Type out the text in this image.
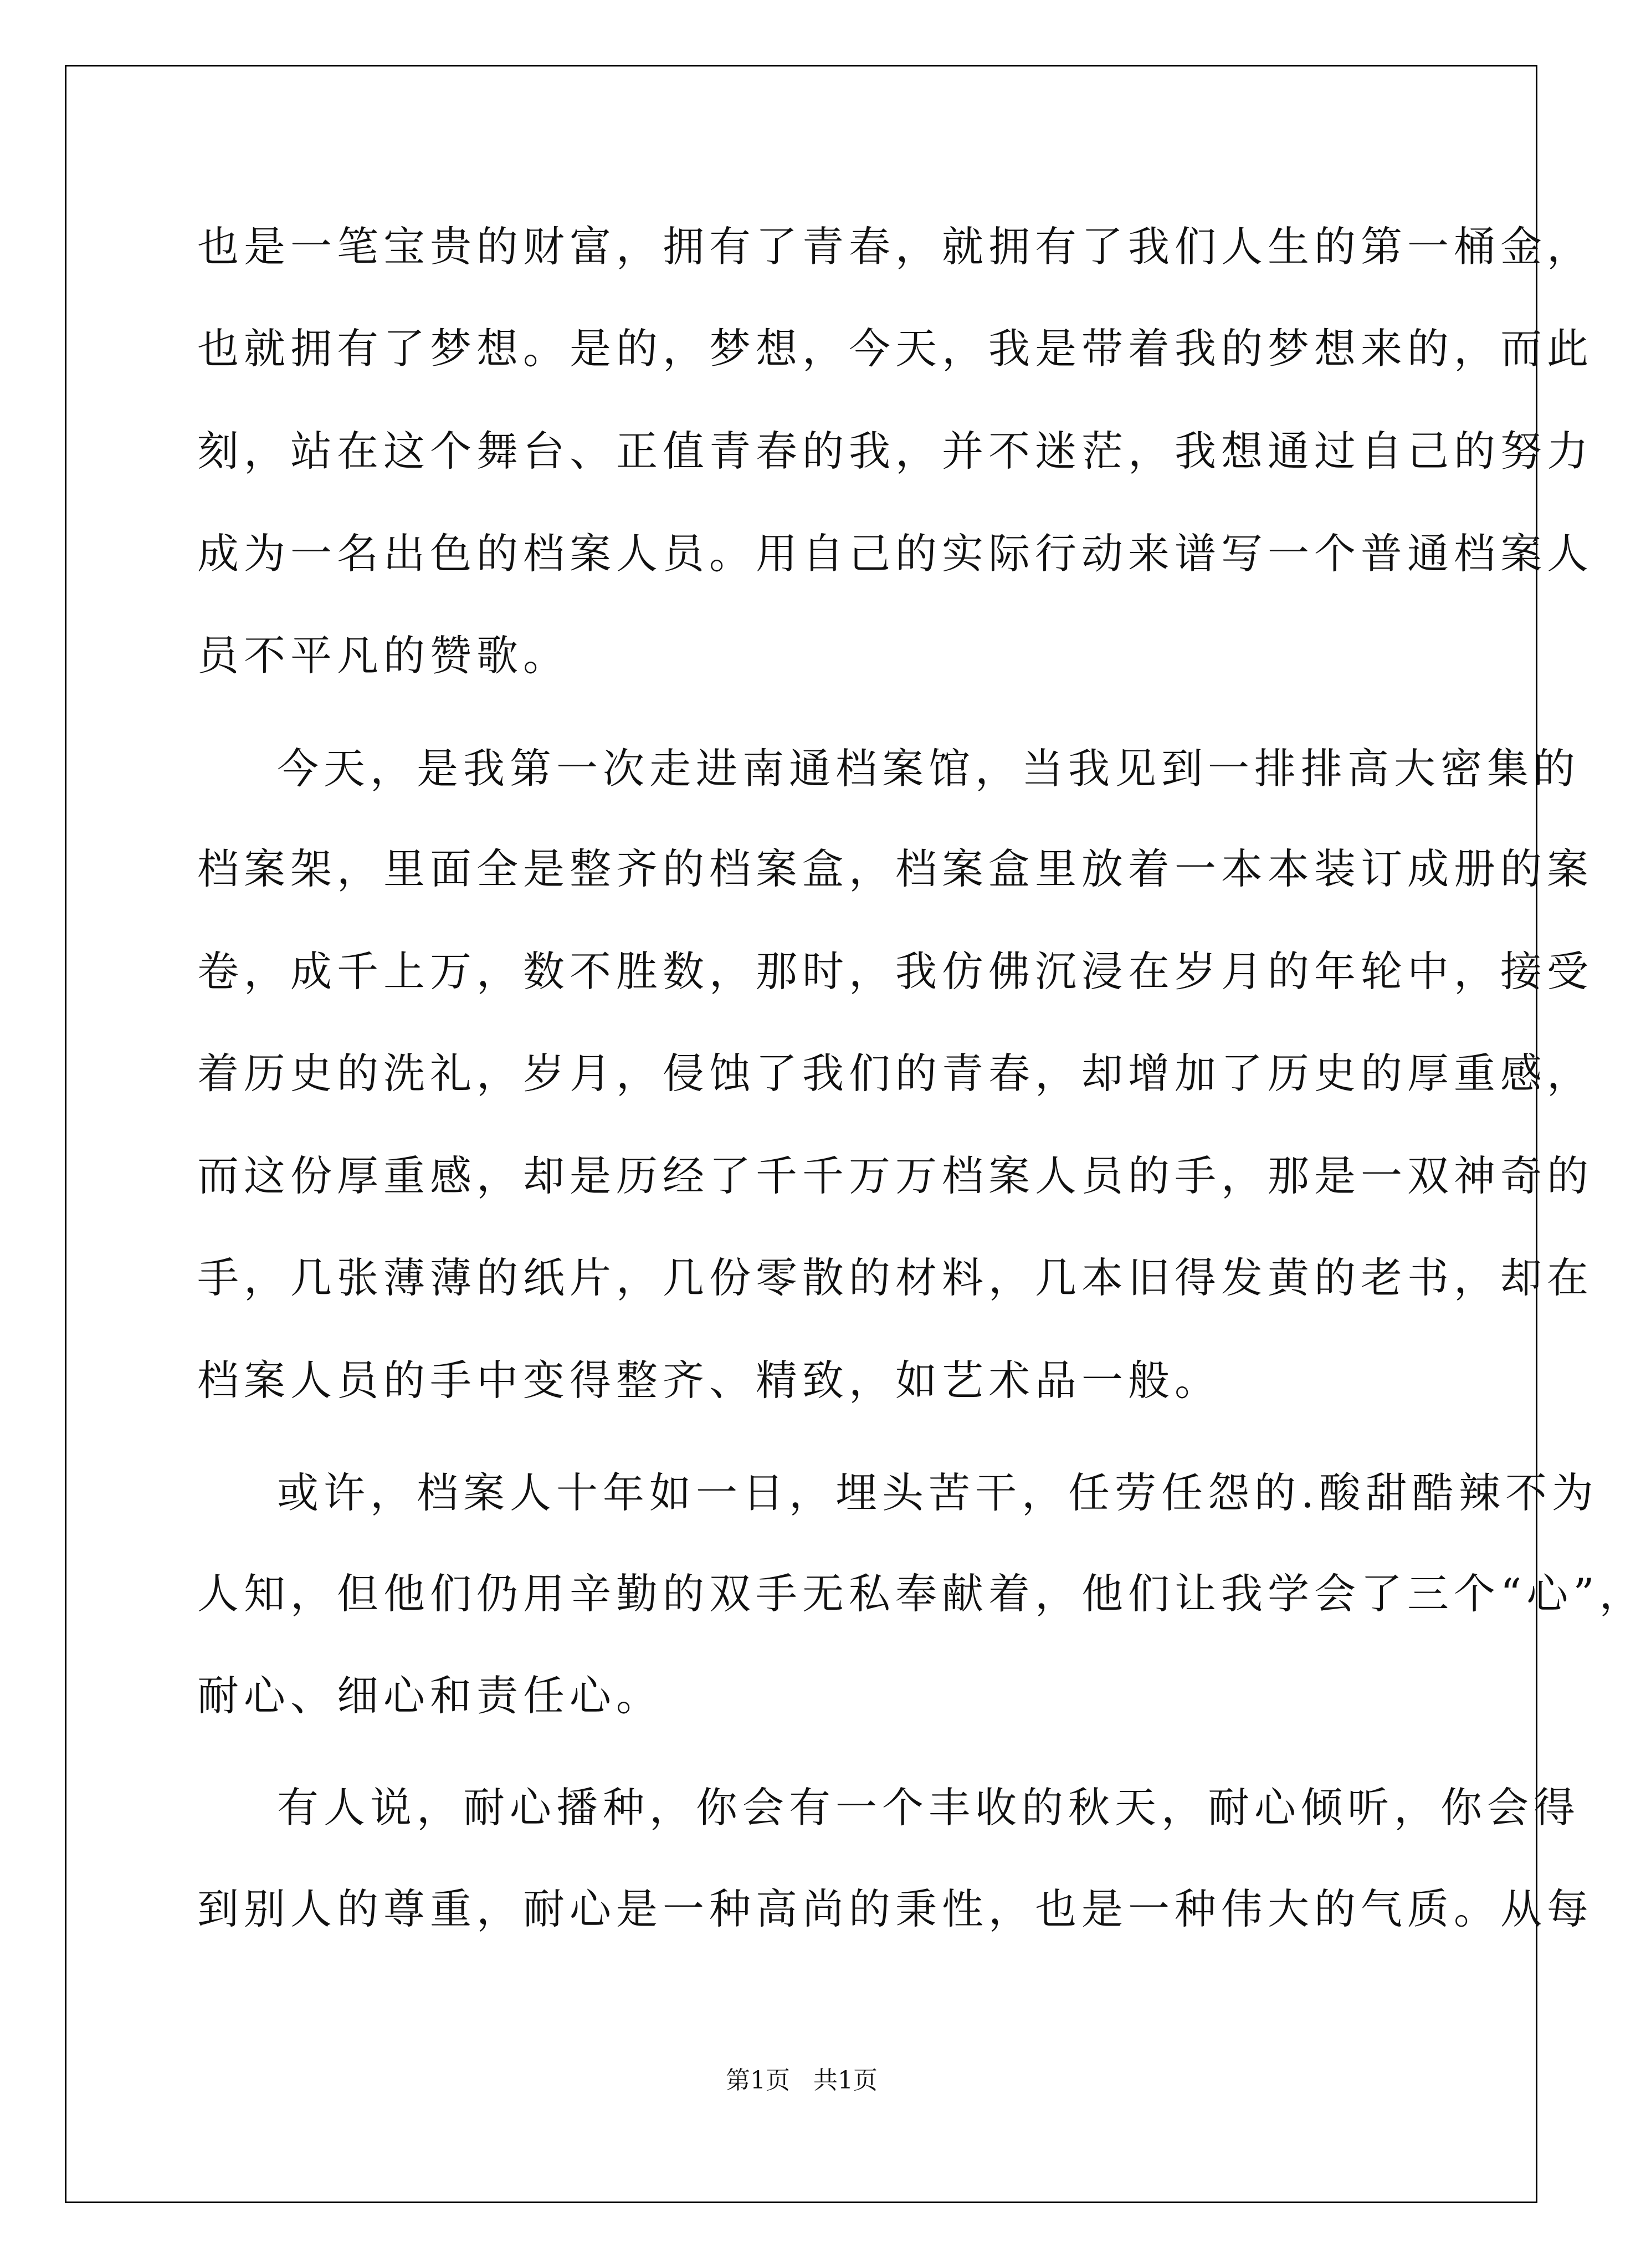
也是一笔宝贵的财富，拥有了青春，就拥有了我们人生的第一桶金，
也就拥有了梦想。是的，梦想，今天，我是带着我的梦想来的，而此
刻，站在这个舞台、正值青春的我，并不迷茫，我想通过自己的努力
成为一名出色的档案人员。用自己的实际行动来谱写一个普通档案人
员不平凡的赞歌。
今天，是我第一次走进南通档案馆，当我见到一排排高大密集的
档案架，里面全是整齐的档案盒，档案盒里放着一本本装订成册的案
卷，成千上万，数不胜数，那时，我仿佛沉浸在岁月的年轮中，接受
着历史的洗礼，岁月，侵蚀了我们的青春，却增加了历史的厚重感，
而这份厚重感，却是历经了千千万万档案人员的手，那是一双神奇的
手，几张薄薄的纸片，几份零散的材料，几本旧得发黄的老书，却在
档案人员的手中变得整齐、精致，如艺术品一般。
或许，档案人十年如一日，埋头苦干，任劳任怨的.酸甜酷辣不为
人知，但他们仍用辛勤的双手无私奉献着，他们让我学会了三个“心”，
耐心、细心和责任心。
有人说，耐心播种，你会有一个丰收的秋天，耐心倾听，你会得
到别人的尊重，耐心是一种高尚的秉性，也是一种伟大的气质。从每
第1页   共1页
